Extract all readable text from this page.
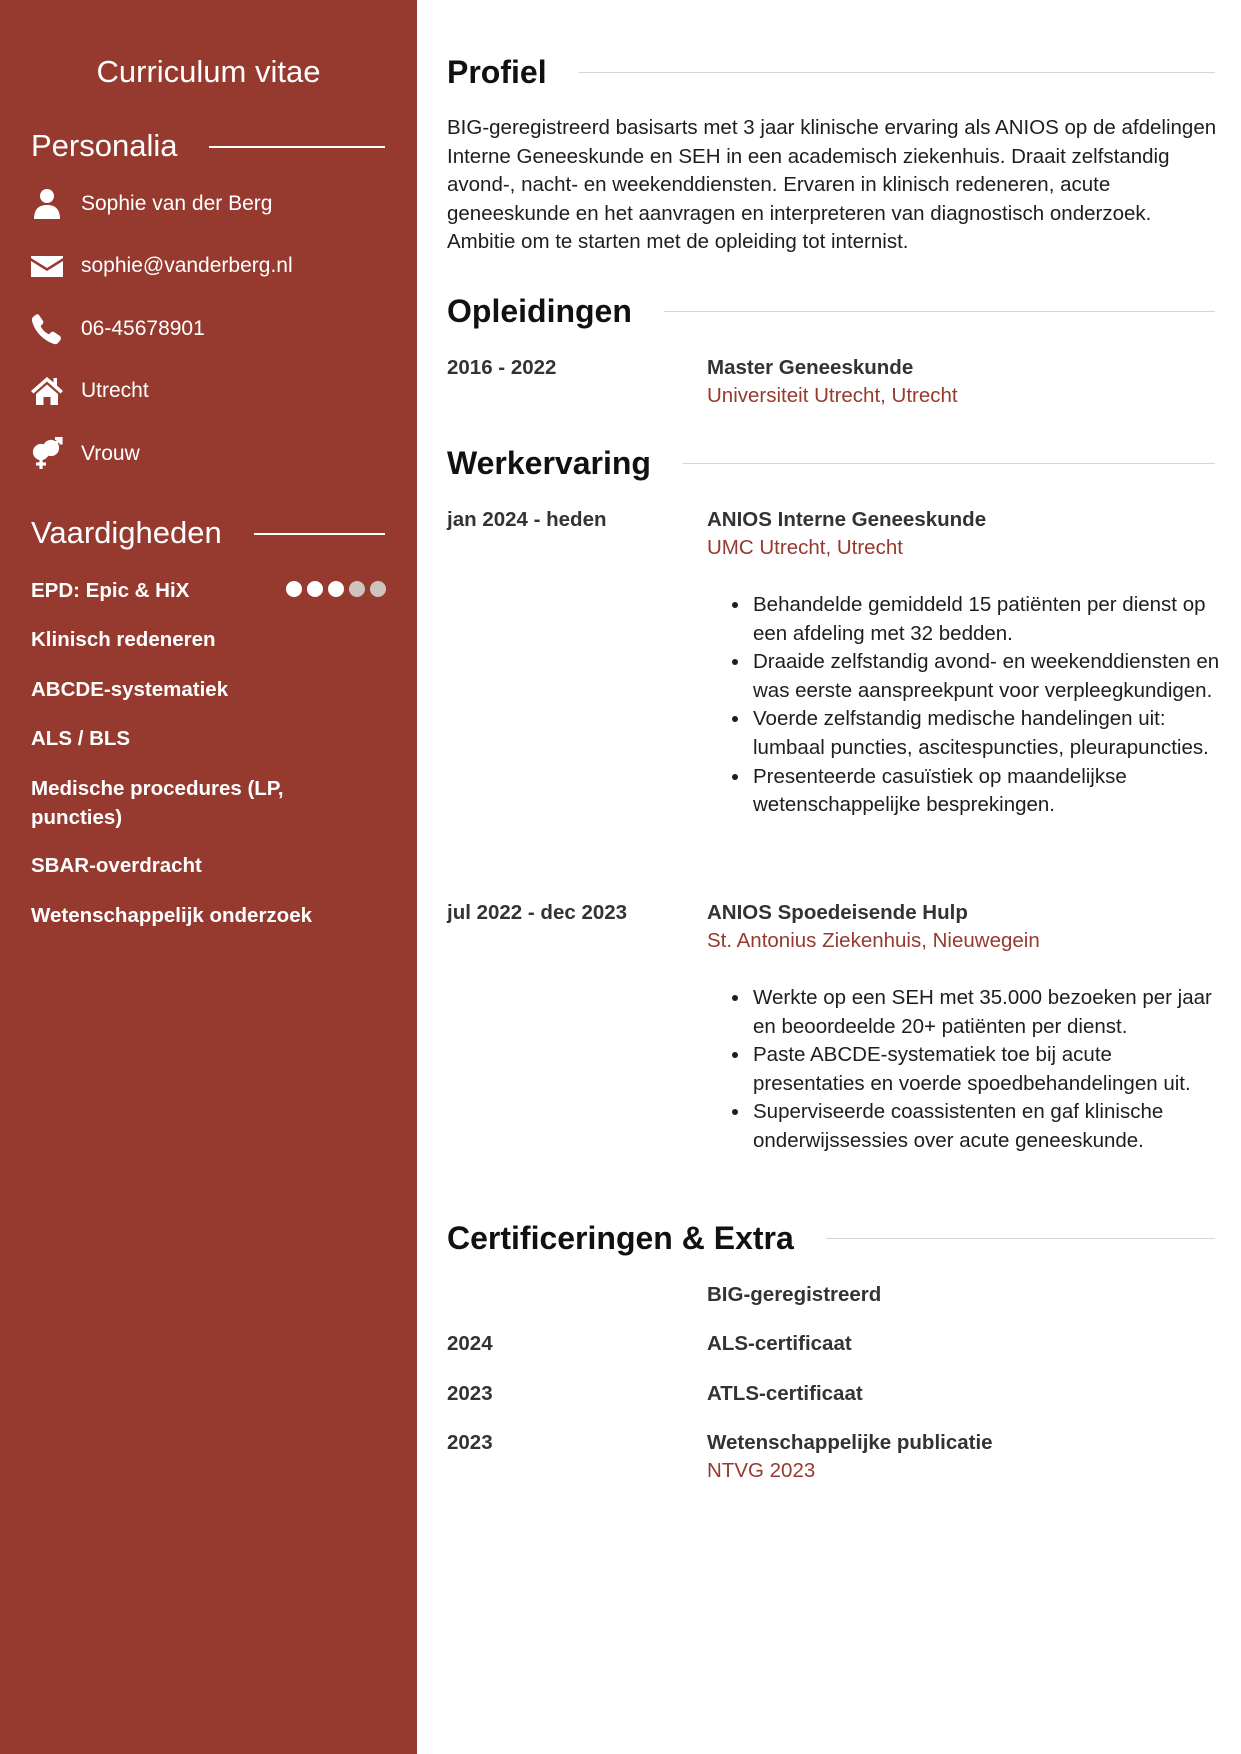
Curriculum vitae
Personalia
Sophie van der Berg
sophie@vanderberg.nl
06-45678901
Utrecht
Vrouw
Vaardigheden
EPD: Epic & HiX
Klinisch redeneren
ABCDE-systematiek
ALS / BLS
Medische procedures (LP, puncties)
SBAR-overdracht
Wetenschappelijk onderzoek
Profiel
BIG-geregistreerd basisarts met 3 jaar klinische ervaring als ANIOS op de afdelingen Interne Geneeskunde en SEH in een academisch ziekenhuis. Draait zelfstandig avond-, nacht- en weekenddiensten. Ervaren in klinisch redeneren, acute geneeskunde en het aanvragen en interpreteren van diagnostisch onderzoek. Ambitie om te starten met de opleiding tot internist.
Opleidingen
2016 - 2022	Master Geneeskunde
Universiteit Utrecht, Utrecht
Werkervaring
jan 2024 - heden	ANIOS Interne Geneeskunde
UMC Utrecht, Utrecht
• Behandelde gemiddeld 15 patiënten per dienst op een afdeling met 32 bedden.
• Draaide zelfstandig avond- en weekenddiensten en was eerste aanspreekpunt voor verpleegkundigen.
• Voerde zelfstandig medische handelingen uit: lumbaal puncties, ascitespuncties, pleurapuncties.
• Presenteerde casuïstiek op maandelijkse wetenschappelijke besprekingen.
jul 2022 - dec 2023	ANIOS Spoedeisende Hulp
St. Antonius Ziekenhuis, Nieuwegein
• Werkte op een SEH met 35.000 bezoeken per jaar en beoordeelde 20+ patiënten per dienst.
• Paste ABCDE-systematiek toe bij acute presentaties en voerde spoedbehandelingen uit.
• Superviseerde coassistenten en gaf klinische onderwijssessies over acute geneeskunde.
Certificeringen & Extra
BIG-geregistreerd
2024	ALS-certificaat
2023	ATLS-certificaat
2023	Wetenschappelijke publicatie
NTVG 2023
